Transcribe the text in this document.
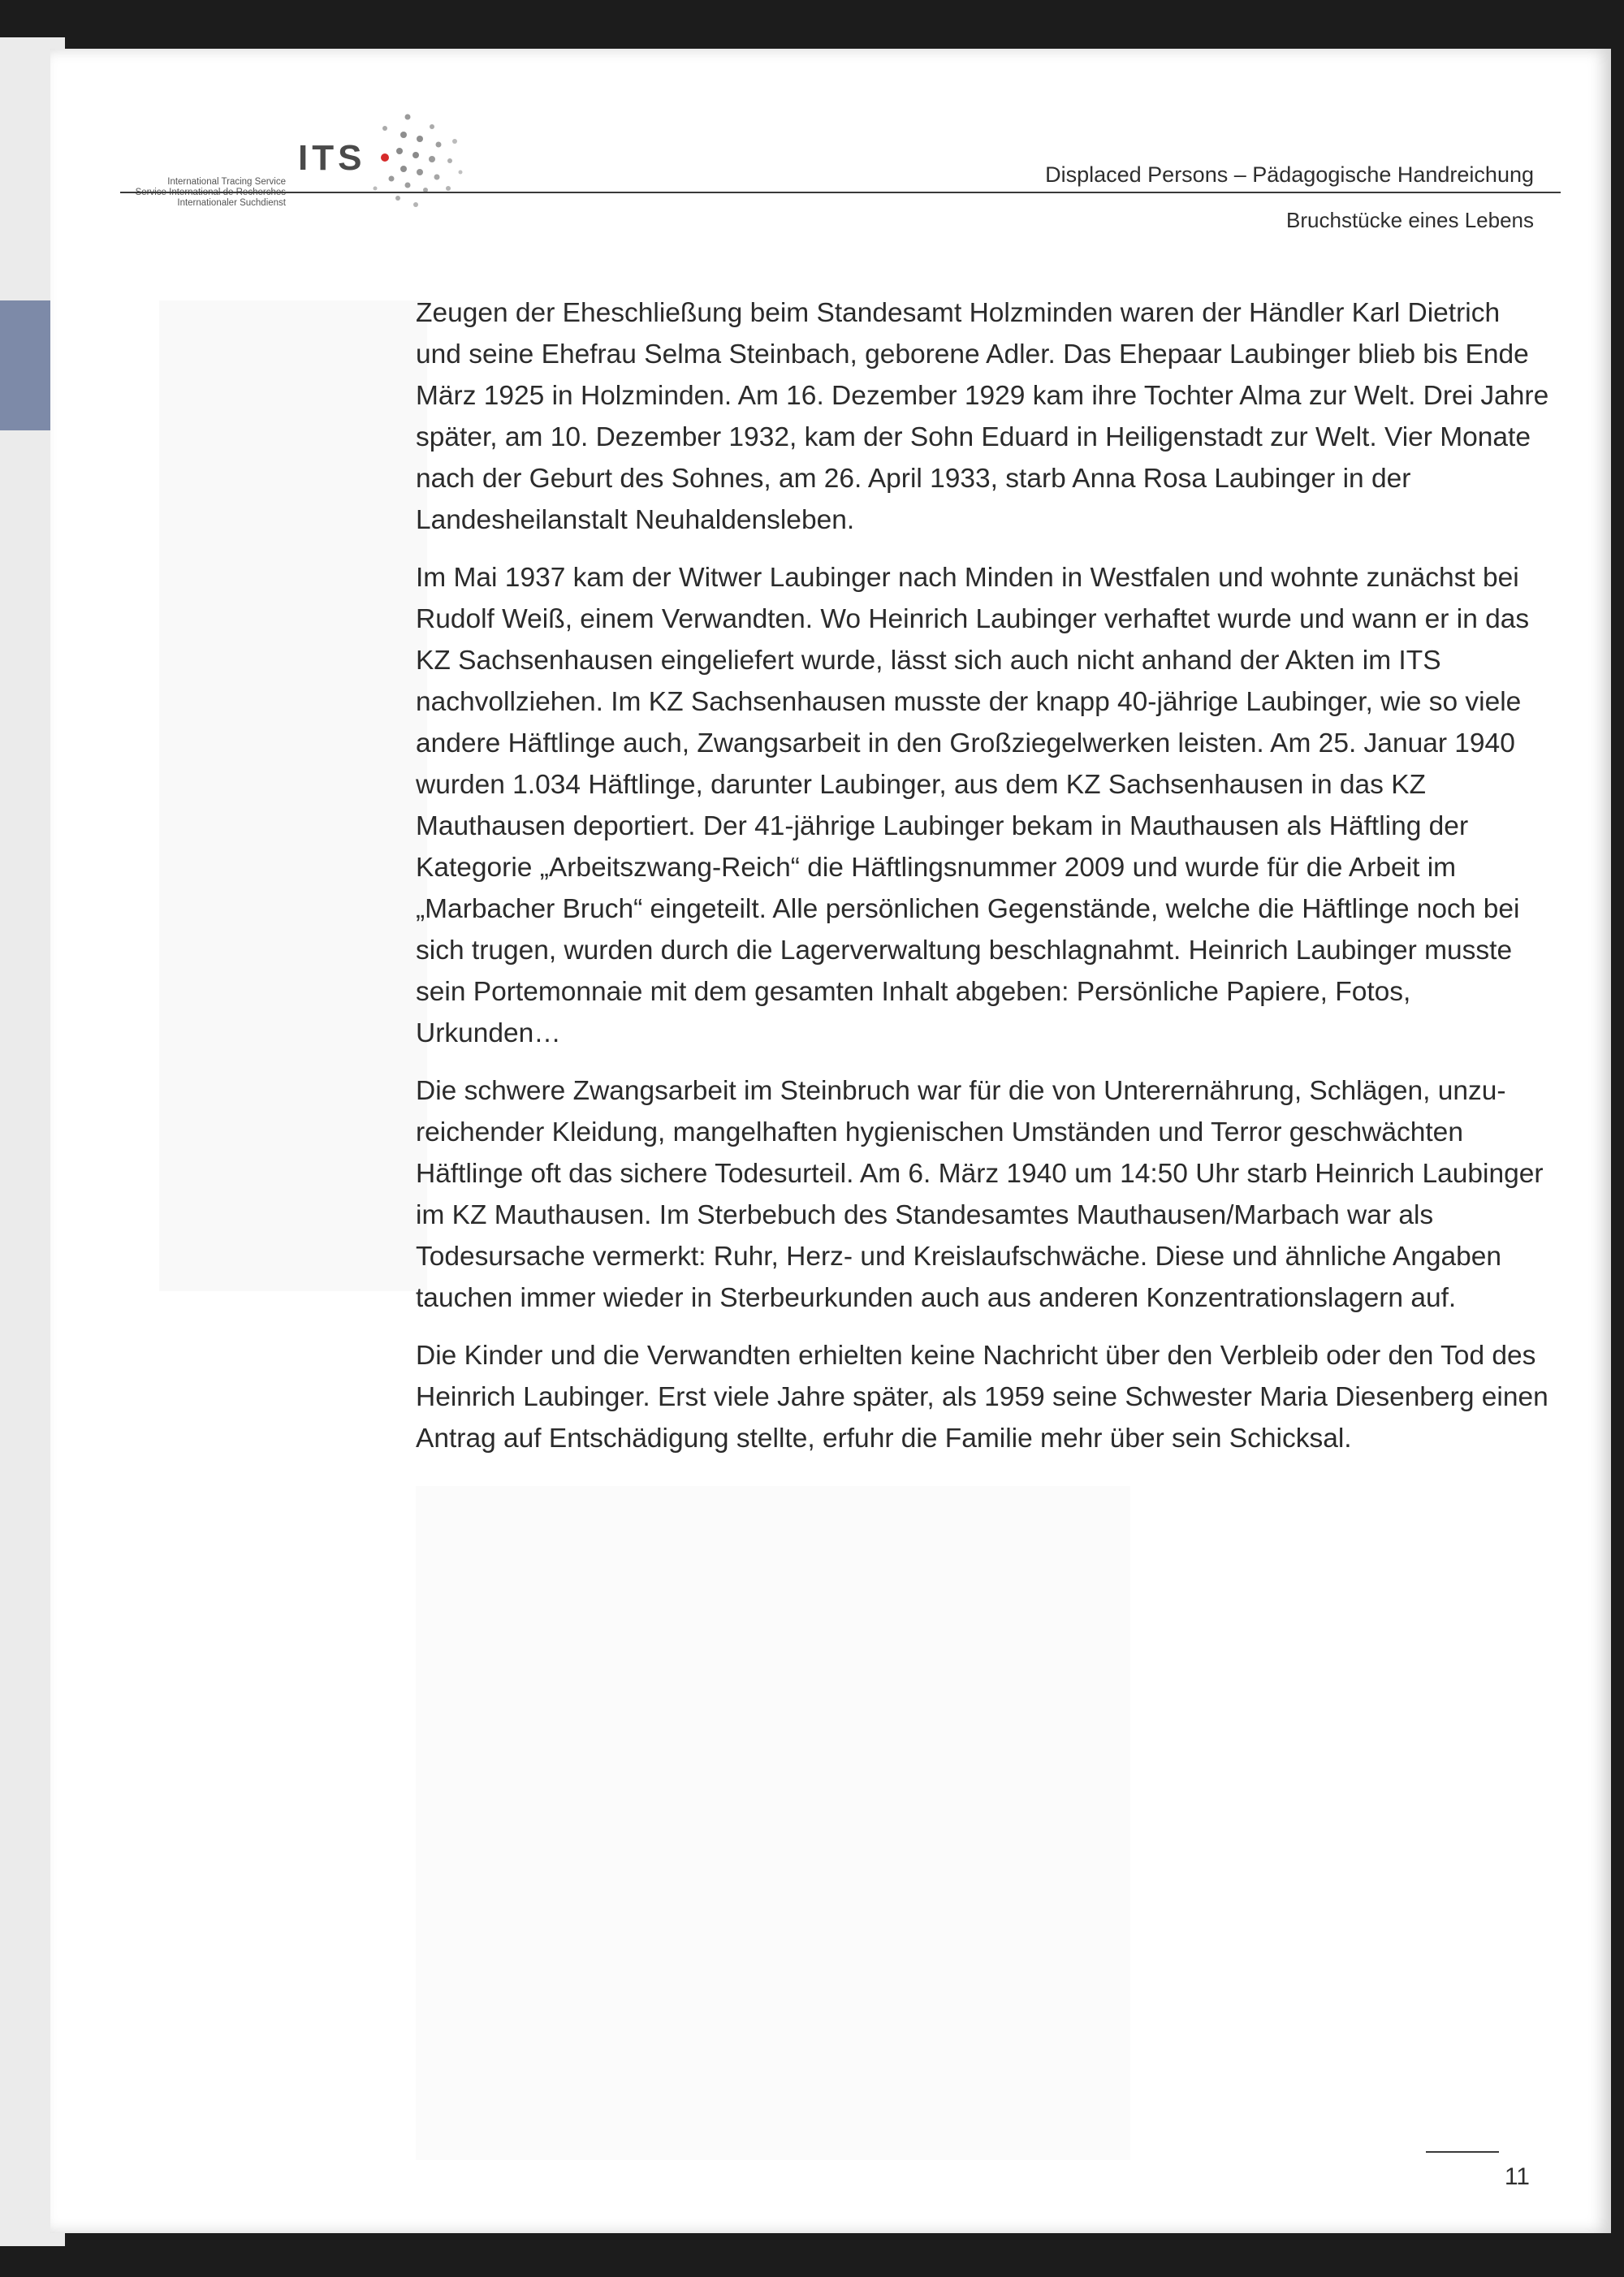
ITS
International Tracing Service
Service International de Recherches
Internationaler Suchdienst
Displaced Persons – Pädagogische Handreichung
Bruchstücke eines Lebens

Zeugen der Eheschließung beim Standesamt Holzminden waren der Händler Karl Dietrich und seine Ehefrau Selma Steinbach, geborene Adler. Das Ehepaar Laubinger blieb bis Ende März 1925 in Holzminden. Am 16. Dezember 1929 kam ihre Tochter Alma zur Welt. Drei Jahre später, am 10. Dezember 1932, kam der Sohn Eduard in Heiligenstadt zur Welt. Vier Monate nach der Geburt des Sohnes, am 26. April 1933, starb Anna Rosa Laubinger in der Landesheilanstalt Neuhaldensleben.

Im Mai 1937 kam der Witwer Laubinger nach Minden in Westfalen und wohnte zunächst bei Rudolf Weiß, einem Verwandten. Wo Heinrich Laubinger verhaftet wurde und wann er in das KZ Sachsenhausen eingeliefert wurde, lässt sich auch nicht anhand der Akten im ITS nachvollziehen. Im KZ Sachsenhausen musste der knapp 40-jährige Laubinger, wie so viele andere Häftlinge auch, Zwangsarbeit in den Großziegelwerken leisten. Am 25. Januar 1940 wurden 1.034 Häftlinge, darunter Laubinger, aus dem KZ Sachsenhausen in das KZ Mauthausen deportiert. Der 41-jährige Laubinger bekam in Mauthausen als Häftling der Kategorie „Arbeitszwang-Reich“ die Häftlingsnummer 2009 und wurde für die Arbeit im „Marbacher Bruch“ eingeteilt. Alle persönlichen Gegenstände, welche die Häftlinge noch bei sich trugen, wurden durch die Lagerverwaltung beschlagnahmt. Heinrich Laubinger musste sein Portemonnaie mit dem gesamten Inhalt abgeben: Persönliche Papiere, Fotos, Urkunden…

Die schwere Zwangsarbeit im Steinbruch war für die von Unterernährung, Schlägen, unzureichender Kleidung, mangelhaften hygienischen Umständen und Terror geschwächten Häftlinge oft das sichere Todesurteil. Am 6. März 1940 um 14:50 Uhr starb Heinrich Laubinger im KZ Mauthausen. Im Sterbebuch des Standesamtes Mauthausen/Marbach war als Todesursache vermerkt: Ruhr, Herz- und Kreislaufschwäche. Diese und ähnliche Angaben tauchen immer wieder in Sterbeurkunden auch aus anderen Konzentrationslagern auf.

Die Kinder und die Verwandten erhielten keine Nachricht über den Verbleib oder den Tod des Heinrich Laubinger. Erst viele Jahre später, als 1959 seine Schwester Maria Diesenberg einen Antrag auf Entschädigung stellte, erfuhr die Familie mehr über sein Schicksal.

11
